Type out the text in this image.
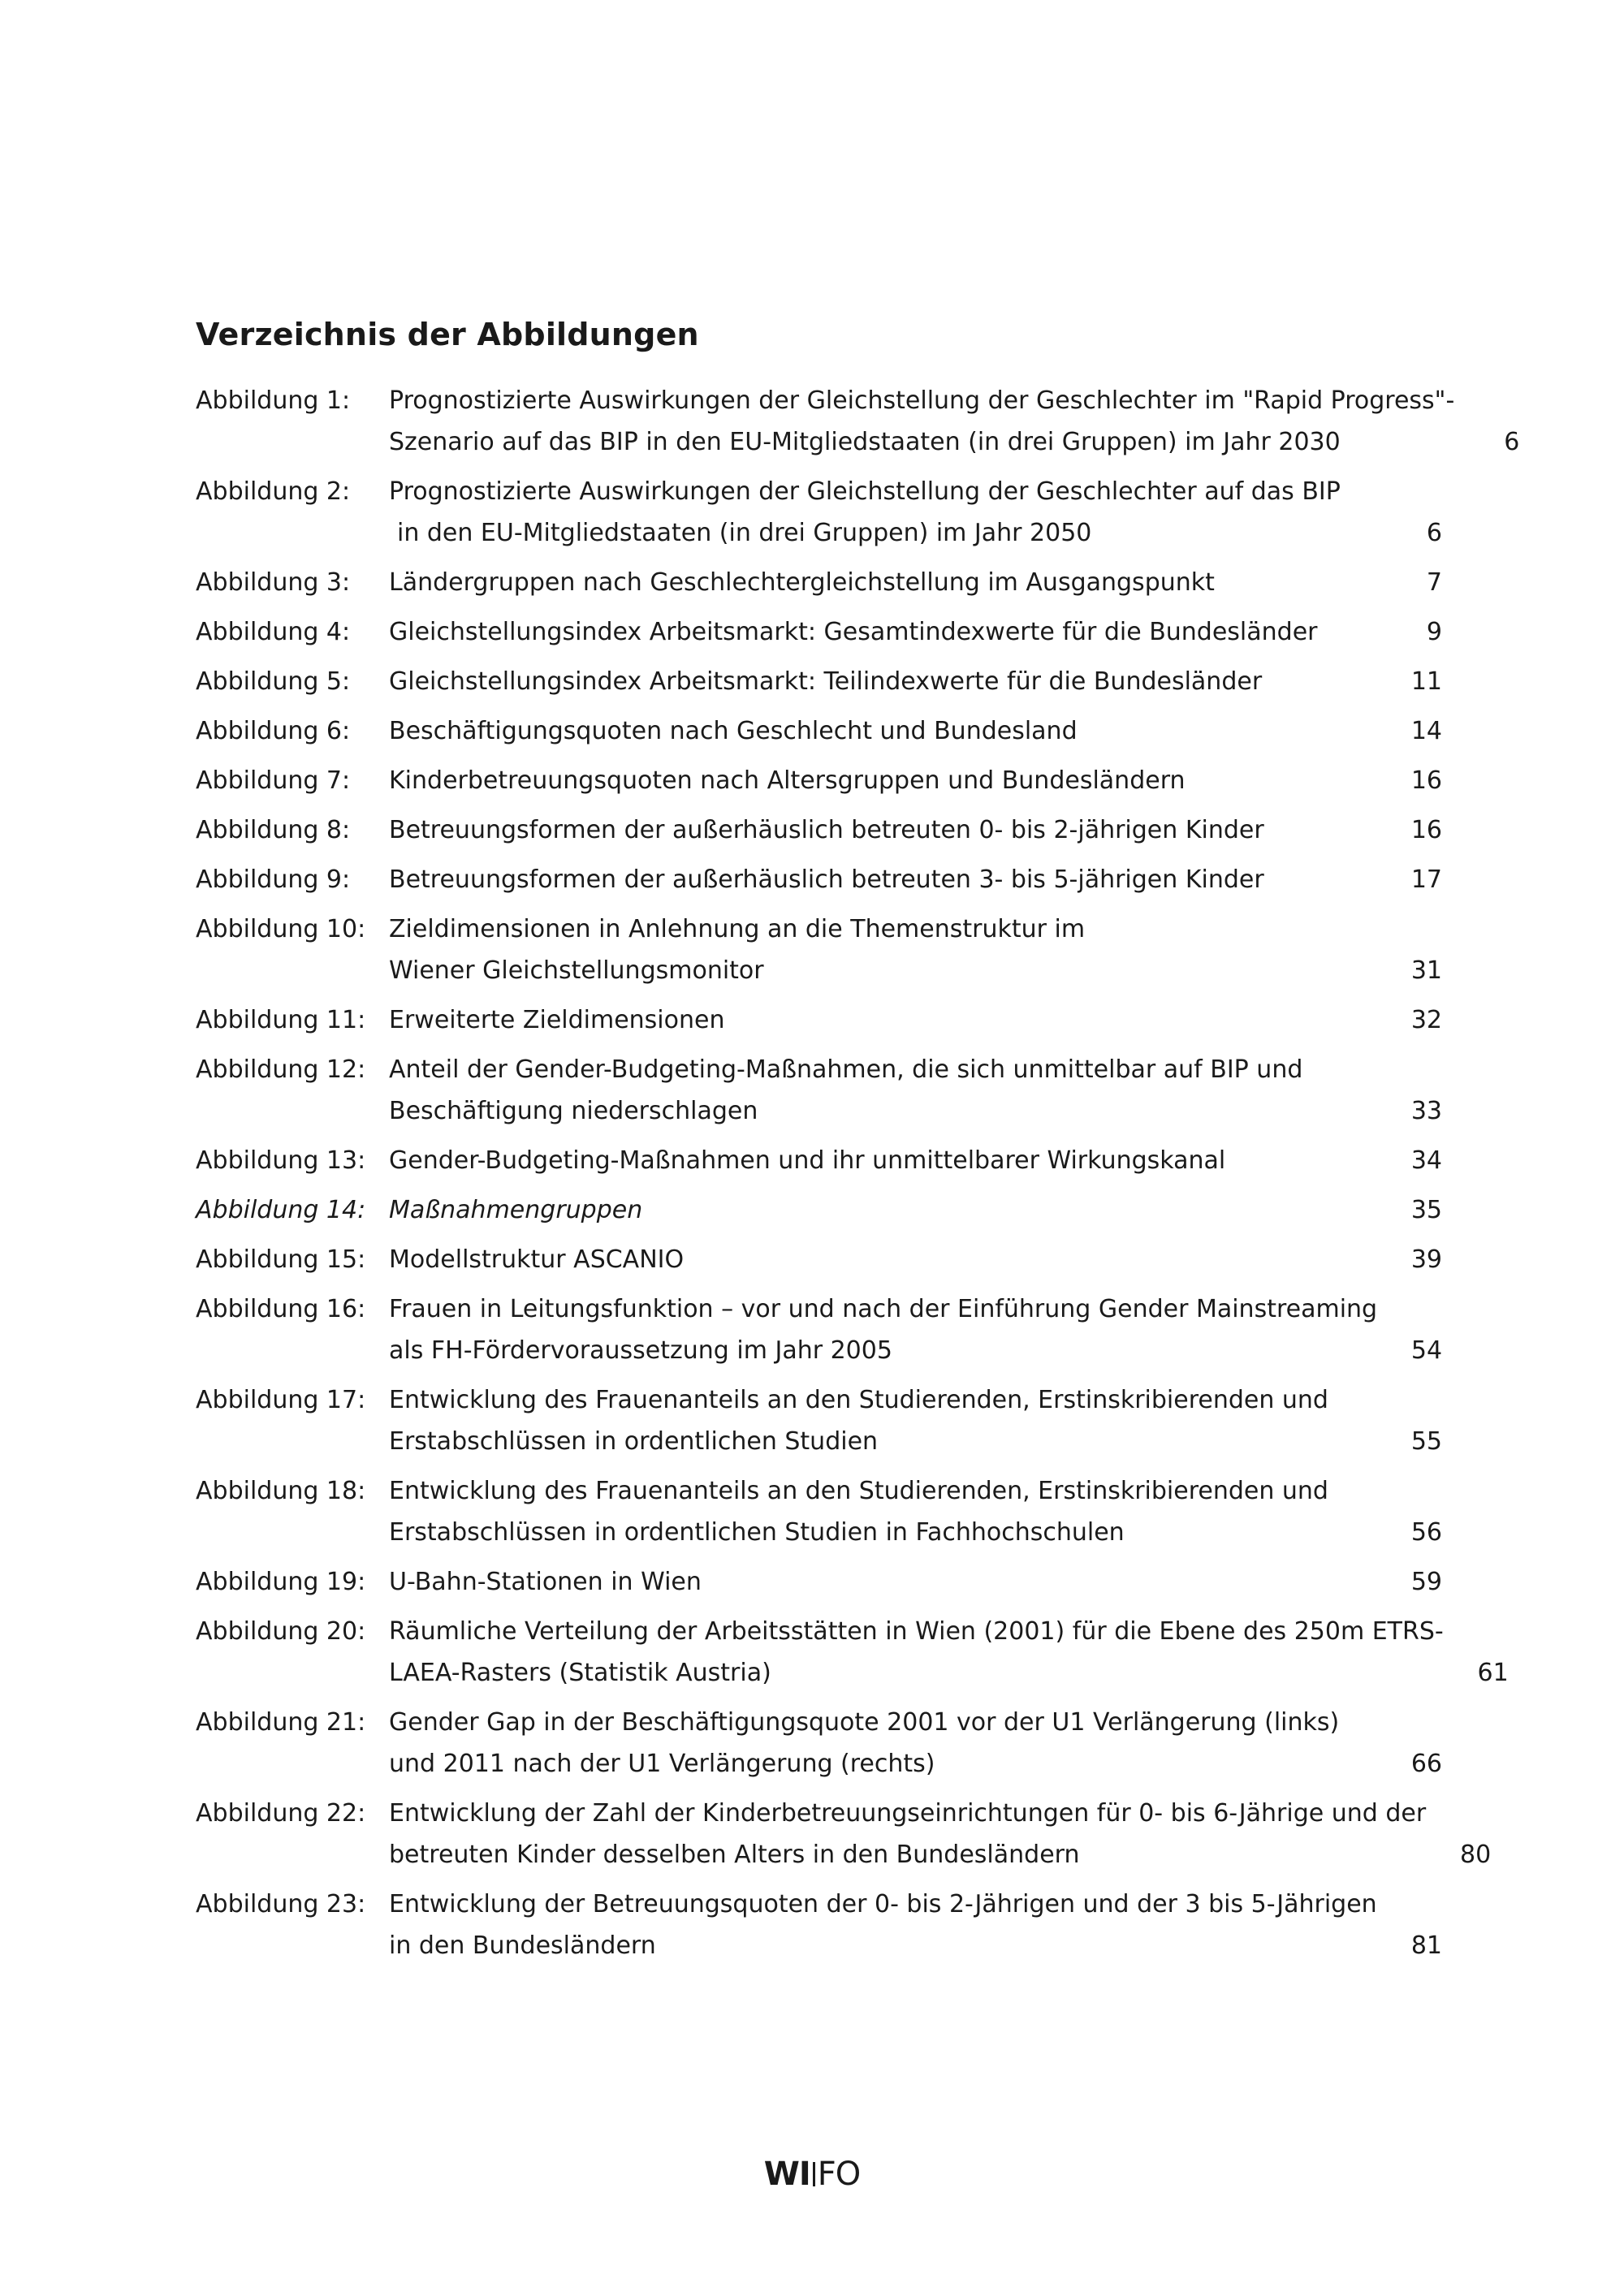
Verzeichnis der Abbildungen
Abbildung 1:	Prognostizierte Auswirkungen der Gleichstellung der Geschlechter im "Rapid Progress"-
Szenario auf das BIP in den EU-Mitgliedstaaten (in drei Gruppen) im Jahr 2030	6
Abbildung 2:	Prognostizierte Auswirkungen der Gleichstellung der Geschlechter auf das BIP
in den EU-Mitgliedstaaten (in drei Gruppen) im Jahr 2050	6
Abbildung 3:	Ländergruppen nach Geschlechtergleichstellung im Ausgangspunkt	7
Abbildung 4:	Gleichstellungsindex Arbeitsmarkt: Gesamtindexwerte für die Bundesländer	9
Abbildung 5:	Gleichstellungsindex Arbeitsmarkt: Teilindexwerte für die Bundesländer	11
Abbildung 6:	Beschäftigungsquoten nach Geschlecht und Bundesland	14
Abbildung 7:	Kinderbetreuungsquoten nach Altersgruppen und Bundesländern	16
Abbildung 8:	Betreuungsformen der außerhäuslich betreuten 0- bis 2-jährigen Kinder	16
Abbildung 9:	Betreuungsformen der außerhäuslich betreuten 3- bis 5-jährigen Kinder	17
Abbildung 10: Zieldimensionen in Anlehnung an die Themenstruktur im
Wiener Gleichstellungsmonitor	31
Abbildung 11: Erweiterte Zieldimensionen	32
Abbildung 12: Anteil der Gender-Budgeting-Maßnahmen, die sich unmittelbar auf BIP und
Beschäftigung niederschlagen	33
Abbildung 13: Gender-Budgeting-Maßnahmen und ihr unmittelbarer Wirkungskanal	34
Abbildung 14: Maßnahmengruppen	35
Abbildung 15: Modellstruktur ASCANIO	39
Abbildung 16: Frauen in Leitungsfunktion – vor und nach der Einführung Gender Mainstreaming
als FH-Fördervoraussetzung im Jahr 2005	54
Abbildung 17: Entwicklung des Frauenanteils an den Studierenden, Erstinskribierenden und
Erstabschlüssen in ordentlichen Studien	55
Abbildung 18: Entwicklung des Frauenanteils an den Studierenden, Erstinskribierenden und
Erstabschlüssen in ordentlichen Studien in Fachhochschulen	56
Abbildung 19: U-Bahn-Stationen in Wien	59
Abbildung 20: Räumliche Verteilung der Arbeitsstätten in Wien (2001) für die Ebene des 250m ETRS-
LAEA-Rasters (Statistik Austria)	61
Abbildung 21: Gender Gap in der Beschäftigungsquote 2001 vor der U1 Verlängerung (links)
und 2011 nach der U1 Verlängerung (rechts)	66
Abbildung 22: Entwicklung der Zahl der Kinderbetreuungseinrichtungen für 0- bis 6-Jährige und der
betreuten Kinder desselben Alters in den Bundesländern	80
Abbildung 23: Entwicklung der Betreuungsquoten der 0- bis 2-Jährigen und der 3 bis 5-Jährigen
in den Bundesländern	81
WI FO
